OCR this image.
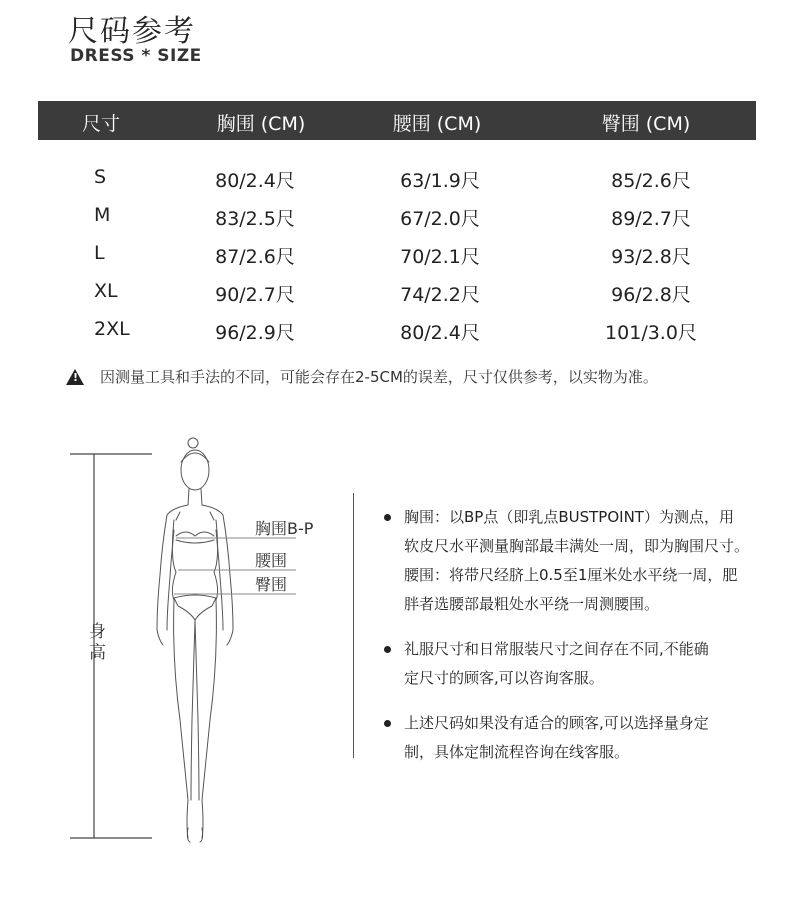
尺码参考
DRESS * SIZE
尺寸	胸围 (CM)	腰围 (CM)	臀围 (CM)
S	80/2.4尺	63/1.9尺	85/2.6尺
M	83/2.5尺	67/2.0尺	89/2.7尺
L	87/2.6尺	70/2.1尺	93/2.8尺
XL	90/2.7尺	74/2.2尺	96/2.8尺
2XL	96/2.9尺	80/2.4尺	101/3.0尺
!因测量工具和手法的不同，可能会存在2-5CM的误差，尺寸仅供参考，以实物为准。
胸围B-P
腰围
臀围
身高

胸围：以BP点（即乳点BUSTPOINT）为测点，用

软皮尺水平测量胸部最丰满处一周，即为胸围尺寸。

腰围：将带尺经脐上0.5至1厘米处水平绕一周，肥

胖者选腰部最粗处水平绕一周测腰围。

礼服尺寸和日常服装尺寸之间存在不同,不能确

定尺寸的顾客,可以咨询客服。

上述尺码如果没有适合的顾客,可以选择量身定

制，具体定制流程咨询在线客服。
